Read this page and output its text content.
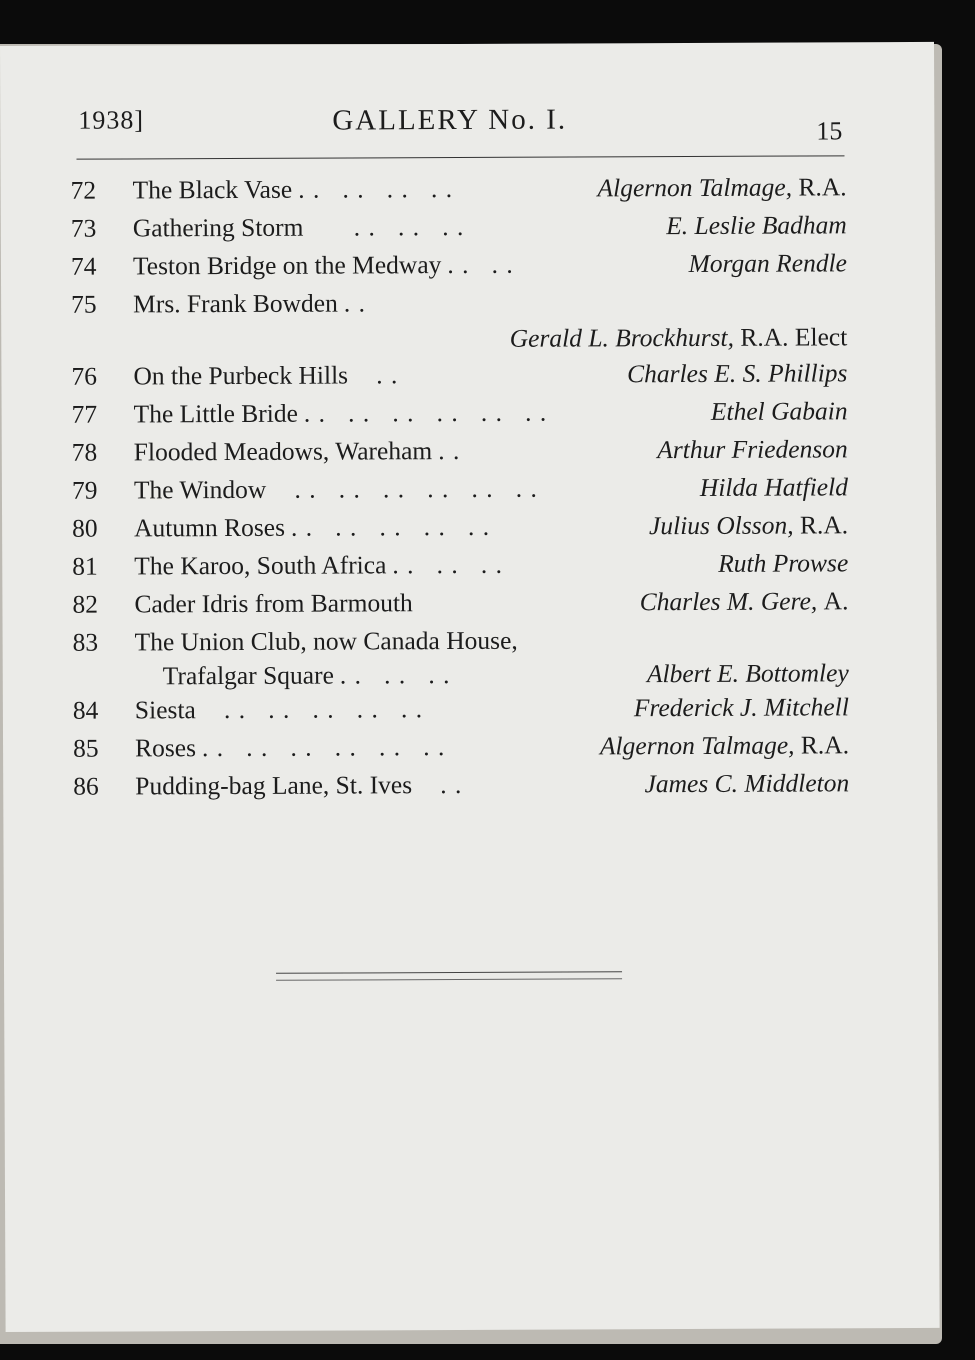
1938]	GALLERY No. I.	15
72	The Black Vase . .   . .   . .   . .	Algernon Talmage, R.A.
73	Gathering Storm . .   . .   . .	E. Leslie Badham
74	Teston Bridge on the Medway . .   . .	Morgan Rendle
75	Mrs. Frank Bowden . .
Gerald L. Brockhurst, R.A. Elect
76	On the Purbeck Hills . .	Charles E. S. Phillips
77	The Little Bride . .   . .   . .   . .   . .   . .	Ethel Gabain
78	Flooded Meadows, Wareham . .	Arthur Friedenson
79	The Window . .   . .   . .   . .   . .   . .	Hilda Hatfield
80	Autumn Roses . .   . .   . .   . .   . .	Julius Olsson, R.A.
81	The Karoo, South Africa . .   . .   . .	Ruth Prowse
82	Cader Idris from Barmouth	Charles M. Gere, A.
83	The Union Club, now Canada House,
Trafalgar Square . .   . .   . .	Albert E. Bottomley
84	Siesta . .   . .   . .   . .   . .	Frederick J. Mitchell
85	Roses . .   . .   . .   . .   . .   . .	Algernon Talmage, R.A.
86	Pudding-bag Lane, St. Ives . .	James C. Middleton
